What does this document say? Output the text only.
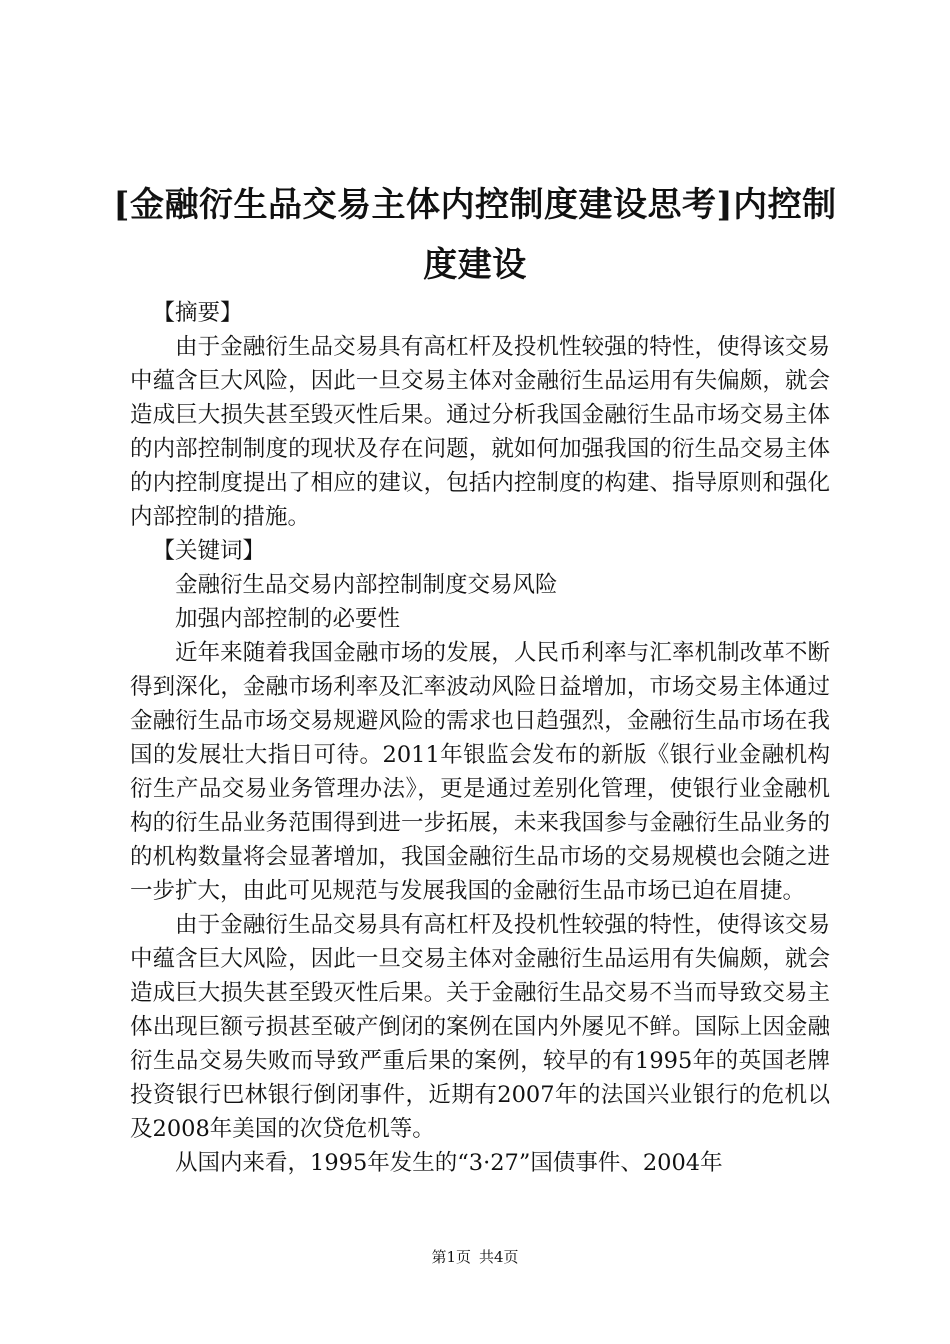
[金融衍生品交易主体内控制度建设思考]内控制度建设

【摘要】

由于金融衍生品交易具有高杠杆及投机性较强的特性，使得该交易中蕴含巨大风险，因此一旦交易主体对金融衍生品运用有失偏颇，就会造成巨大损失甚至毁灭性后果。通过分析我国金融衍生品市场交易主体的内部控制制度的现状及存在问题，就如何加强我国的衍生品交易主体的内控制度提出了相应的建议，包括内控制度的构建、指导原则和强化内部控制的措施。

【关键词】

金融衍生品交易内部控制制度交易风险

加强内部控制的必要性

近年来随着我国金融市场的发展，人民币利率与汇率机制改革不断得到深化，金融市场利率及汇率波动风险日益增加，市场交易主体通过金融衍生品市场交易规避风险的需求也日趋强烈，金融衍生品市场在我国的发展壮大指日可待。2011年银监会发布的新版《银行业金融机构衍生产品交易业务管理办法》，更是通过差别化管理，使银行业金融机构的衍生品业务范围得到进一步拓展，未来我国参与金融衍生品业务的的机构数量将会显著增加，我国金融衍生品市场的交易规模也会随之进一步扩大，由此可见规范与发展我国的金融衍生品市场已迫在眉捷。

由于金融衍生品交易具有高杠杆及投机性较强的特性，使得该交易中蕴含巨大风险，因此一旦交易主体对金融衍生品运用有失偏颇，就会造成巨大损失甚至毁灭性后果。关于金融衍生品交易不当而导致交易主体出现巨额亏损甚至破产倒闭的案例在国内外屡见不鲜。国际上因金融衍生品交易失败而导致严重后果的案例，较早的有1995年的英国老牌投资银行巴林银行倒闭事件，近期有2007年的法国兴业银行的危机以及2008年美国的次贷危机等。

从国内来看，1995年发生的“3·27”国债事件、2004年

第1页 共4页
